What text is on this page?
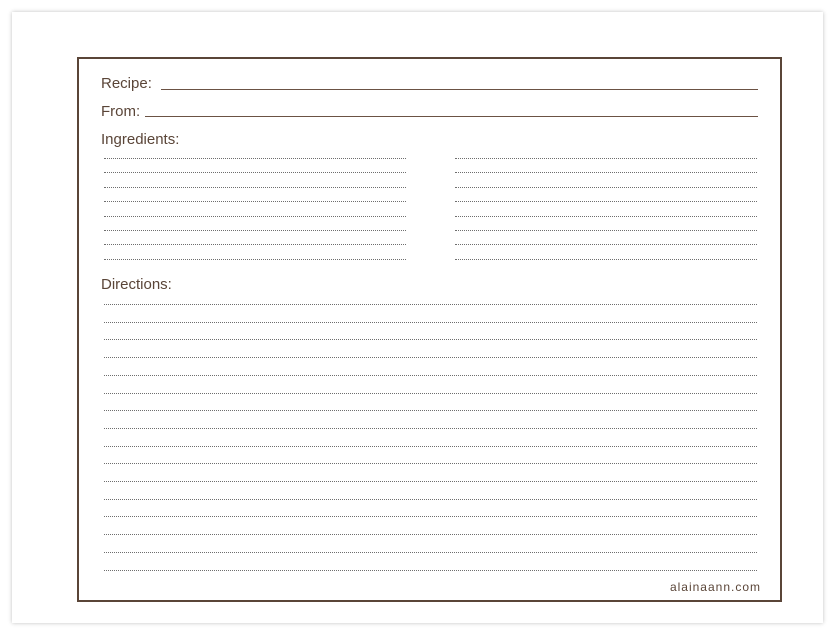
Recipe:
From:
Ingredients:
Directions:
alainaann.com
